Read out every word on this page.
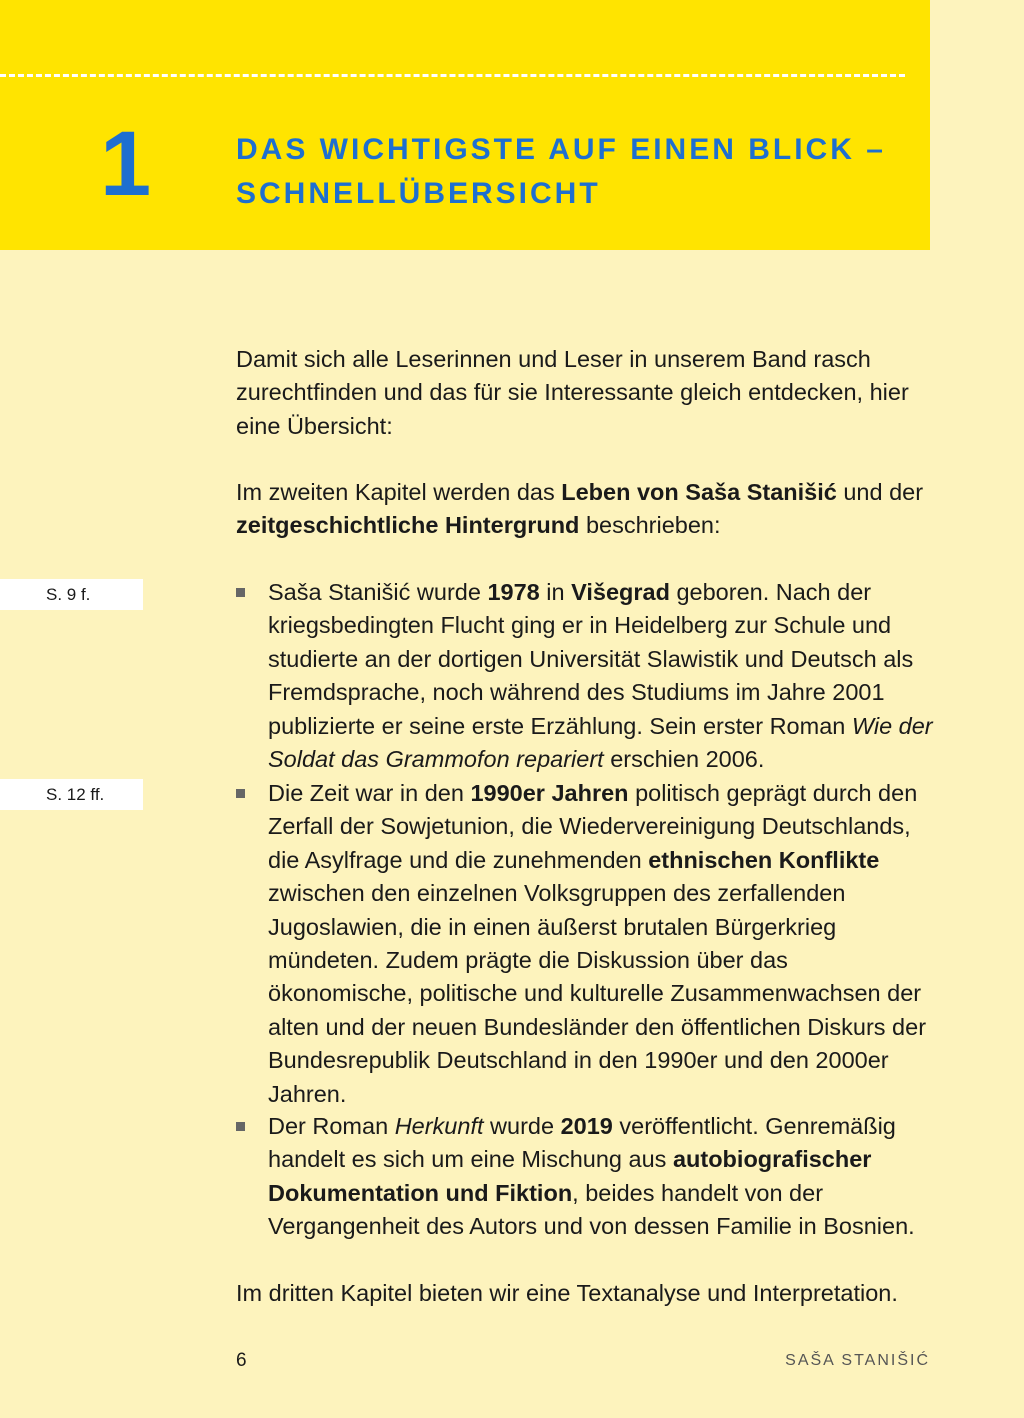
1	DAS WICHTIGSTE AUF EINEN BLICK –
SCHNELLÜBERSICHT
Damit sich alle Leserinnen und Leser in unserem Band rasch zurechtfinden und das für sie Interessante gleich entdecken, hier eine Übersicht:
Im zweiten Kapitel werden das Leben von Saša Stanišić und der zeitgeschichtliche Hintergrund beschrieben:
S. 9 f.
S. 12 ff.
Saša Stanišić wurde 1978 in Višegrad geboren. Nach der kriegsbedingten Flucht ging er in Heidelberg zur Schule und studierte an der dortigen Universität Slawistik und Deutsch als Fremdsprache, noch während des Studiums im Jahre 2001 publizierte er seine erste Erzählung. Sein erster Roman Wie der Soldat das Grammofon repariert erschien 2006.
Die Zeit war in den 1990er Jahren politisch geprägt durch den Zerfall der Sowjetunion, die Wiedervereinigung Deutschlands, die Asylfrage und die zunehmenden ethnischen Konflikte zwischen den einzelnen Volksgruppen des zerfallenden Jugoslawien, die in einen äußerst brutalen Bürgerkrieg mündeten. Zudem prägte die Diskussion über das ökonomische, politische und kulturelle Zusammenwachsen der alten und der neuen Bundesländer den öffentlichen Diskurs der Bundesrepublik Deutschland in den 1990er und den 2000er Jahren.
Der Roman Herkunft wurde 2019 veröffentlicht. Genremäßig handelt es sich um eine Mischung aus autobiografischer Dokumentation und Fiktion, beides handelt von der Vergangenheit des Autors und von dessen Familie in Bosnien.
Im dritten Kapitel bieten wir eine Textanalyse und Interpretation.
6	SAŠA STANIŠIĆ
